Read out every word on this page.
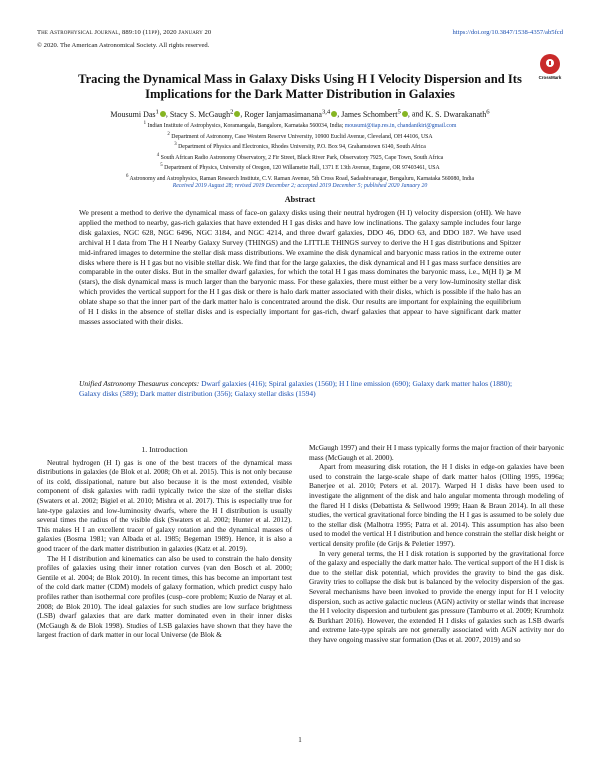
The Astrophysical Journal, 889:10 (11pp), 2020 January 20	https://doi.org/10.3847/1538-4357/ab5fcd
© 2020. The American Astronomical Society. All rights reserved.
CrossMark
Tracing the Dynamical Mass in Galaxy Disks Using H I Velocity Dispersion and Its Implications for the Dark Matter Distribution in Galaxies
Mousumi Das$^1$ , Stacy S. McGaugh$^2$ , Roger Ianjamasimanana$^{3,4}$ , James Schombert$^5$ , and K. S. Dwarakanath$^6$
$^1$ Indian Institute of Astrophysics, Koramangala, Bangalore, Karnataka 560034, India; mousumi@iiap.res.in, chandanikiri@gmail.com
$^2$ Department of Astronomy, Case Western Reserve University, 10900 Euclid Avenue, Cleveland, OH 44106, USA
$^3$ Department of Physics and Electronics, Rhodes University, P.O. Box 94, Grahamstown 6140, South Africa
$^4$ South African Radio Astronomy Observatory, 2 Fir Street, Black River Park, Observatory 7925, Cape Town, South Africa
$^5$ Department of Physics, University of Oregon, 120 Willamette Hall, 1371 E 13th Avenue, Eugene, OR 97403461, USA
$^6$ Astronomy and Astrophysics, Raman Research Institute, C.V. Raman Avenue, 5th Cross Road, Sadashivanagar, Bengaluru, Karnataka 560080, India
Received 2019 August 28; revised 2019 December 2; accepted 2019 December 5; published 2020 January 20
Abstract
We present a method to derive the dynamical mass of face-on galaxy disks using their neutral hydrogen (H I) velocity dispersion (σHI). We have applied the method to nearby, gas-rich galaxies that have extended H I gas disks and have low inclinations. The galaxy sample includes four large disk galaxies, NGC 628, NGC 6496, NGC 3184, and NGC 4214, and three dwarf galaxies, DDO 46, DDO 63, and DDO 187. We have used archival H I data from The H I Nearby Galaxy Survey (THINGS) and the LITTLE THINGS survey to derive the H I gas distributions and Spitzer mid-infrared images to determine the stellar disk mass distributions. We examine the disk dynamical and baryonic mass ratios in the extreme outer disks where there is H I gas but no visible stellar disk. We find that for the large galaxies, the disk dynamical and H I gas mass surface densities are comparable in the outer disks. But in the smaller dwarf galaxies, for which the total H I gas mass dominates the baryonic mass, i.e., M(H I) ⩾ M (stars), the disk dynamical mass is much larger than the baryonic mass. For these galaxies, there must either be a very low-luminosity stellar disk which provides the vertical support for the H I gas disk or there is halo dark matter associated with their disks, which is possible if the halo has an oblate shape so that the inner part of the dark matter halo is concentrated around the disk. Our results are important for explaining the equilibrium of H I disks in the absence of stellar disks and is especially important for gas-rich, dwarf galaxies that appear to have significant dark matter masses associated with their disks.
Unified Astronomy Thesaurus concepts: Dwarf galaxies (416); Spiral galaxies (1560); H I line emission (690); Galaxy dark matter halos (1880); Galaxy disks (589); Dark matter distribution (356); Galaxy stellar disks (1594)
1. Introduction

Neutral hydrogen (H I) gas is one of the best tracers of the dynamical mass distributions in galaxies (de Blok et al. 2008; Oh et al. 2015). This is not only because of its cold, dissipational, nature but also because it is the most extended, visible component of disk galaxies with radii typically twice the size of the stellar disks (Swaters et al. 2002; Bigiel et al. 2010; Mishra et al. 2017). This is especially true for late-type galaxies and low-luminosity dwarfs, where the H I distribution is usually several times the radius of the visible disk (Swaters et al. 2002; Hunter et al. 2012). This makes H I an excellent tracer of galaxy rotation and the dynamical masses of galaxies (Bosma 1981; van Albada et al. 1985; Begeman 1989). Hence, it is also a good tracer of the dark matter distribution in galaxies (Katz et al. 2019).

The H I distribution and kinematics can also be used to constrain the halo density profiles of galaxies using their inner rotation curves (van den Bosch et al. 2000; Gentile et al. 2004; de Blok 2010). In recent times, this has become an important test of the cold dark matter (CDM) models of galaxy formation, which predict cuspy halo profiles rather than isothermal core profiles (cusp–core problem; Kuzio de Naray et al. 2008; de Blok 2010). The ideal galaxies for such studies are low surface brightness (LSB) dwarf galaxies that are dark matter dominated even in their inner disks (McGaugh & de Blok 1998). Studies of LSB galaxies have shown that they have the largest fraction of dark matter in our local Universe (de Blok &

McGaugh 1997) and their H I mass typically forms the major fraction of their baryonic mass (McGaugh et al. 2000).

Apart from measuring disk rotation, the H I disks in edge-on galaxies have been used to constrain the large-scale shape of dark matter halos (Olling 1995, 1996a; Banerjee et al. 2010; Peters et al. 2017). Warped H I disks have been used to investigate the alignment of the disk and halo angular momenta through modeling of the flared H I disks (Debattista & Sellwood 1999; Haan & Braun 2014). In all these studies, the vertical gravitational force binding the H I gas is assumed to be solely due to the stellar disk (Malhotra 1995; Patra et al. 2014). This assumption has also been used to model the vertical H I distribution and hence constrain the stellar disk height or vertical density profile (de Grijs & Peletier 1997).

In very general terms, the H I disk rotation is supported by the gravitational force of the galaxy and especially the dark matter halo. The vertical support of the H I disk is due to the stellar disk potential, which provides the gravity to bind the gas disk. Gravity tries to collapse the disk but is balanced by the velocity dispersion of the gas. Several mechanisms have been invoked to provide the energy input for H I velocity dispersion, such as active galactic nucleus (AGN) activity or stellar winds that increase the H I velocity dispersion and turbulent gas pressure (Tamburro et al. 2009; Krumholz & Burkhart 2016). However, the extended H I disks of galaxies such as LSB dwarfs and extreme late-type spirals are not generally associated with AGN activity nor do they have ongoing massive star formation (Das et al. 2007, 2019) and so

1
